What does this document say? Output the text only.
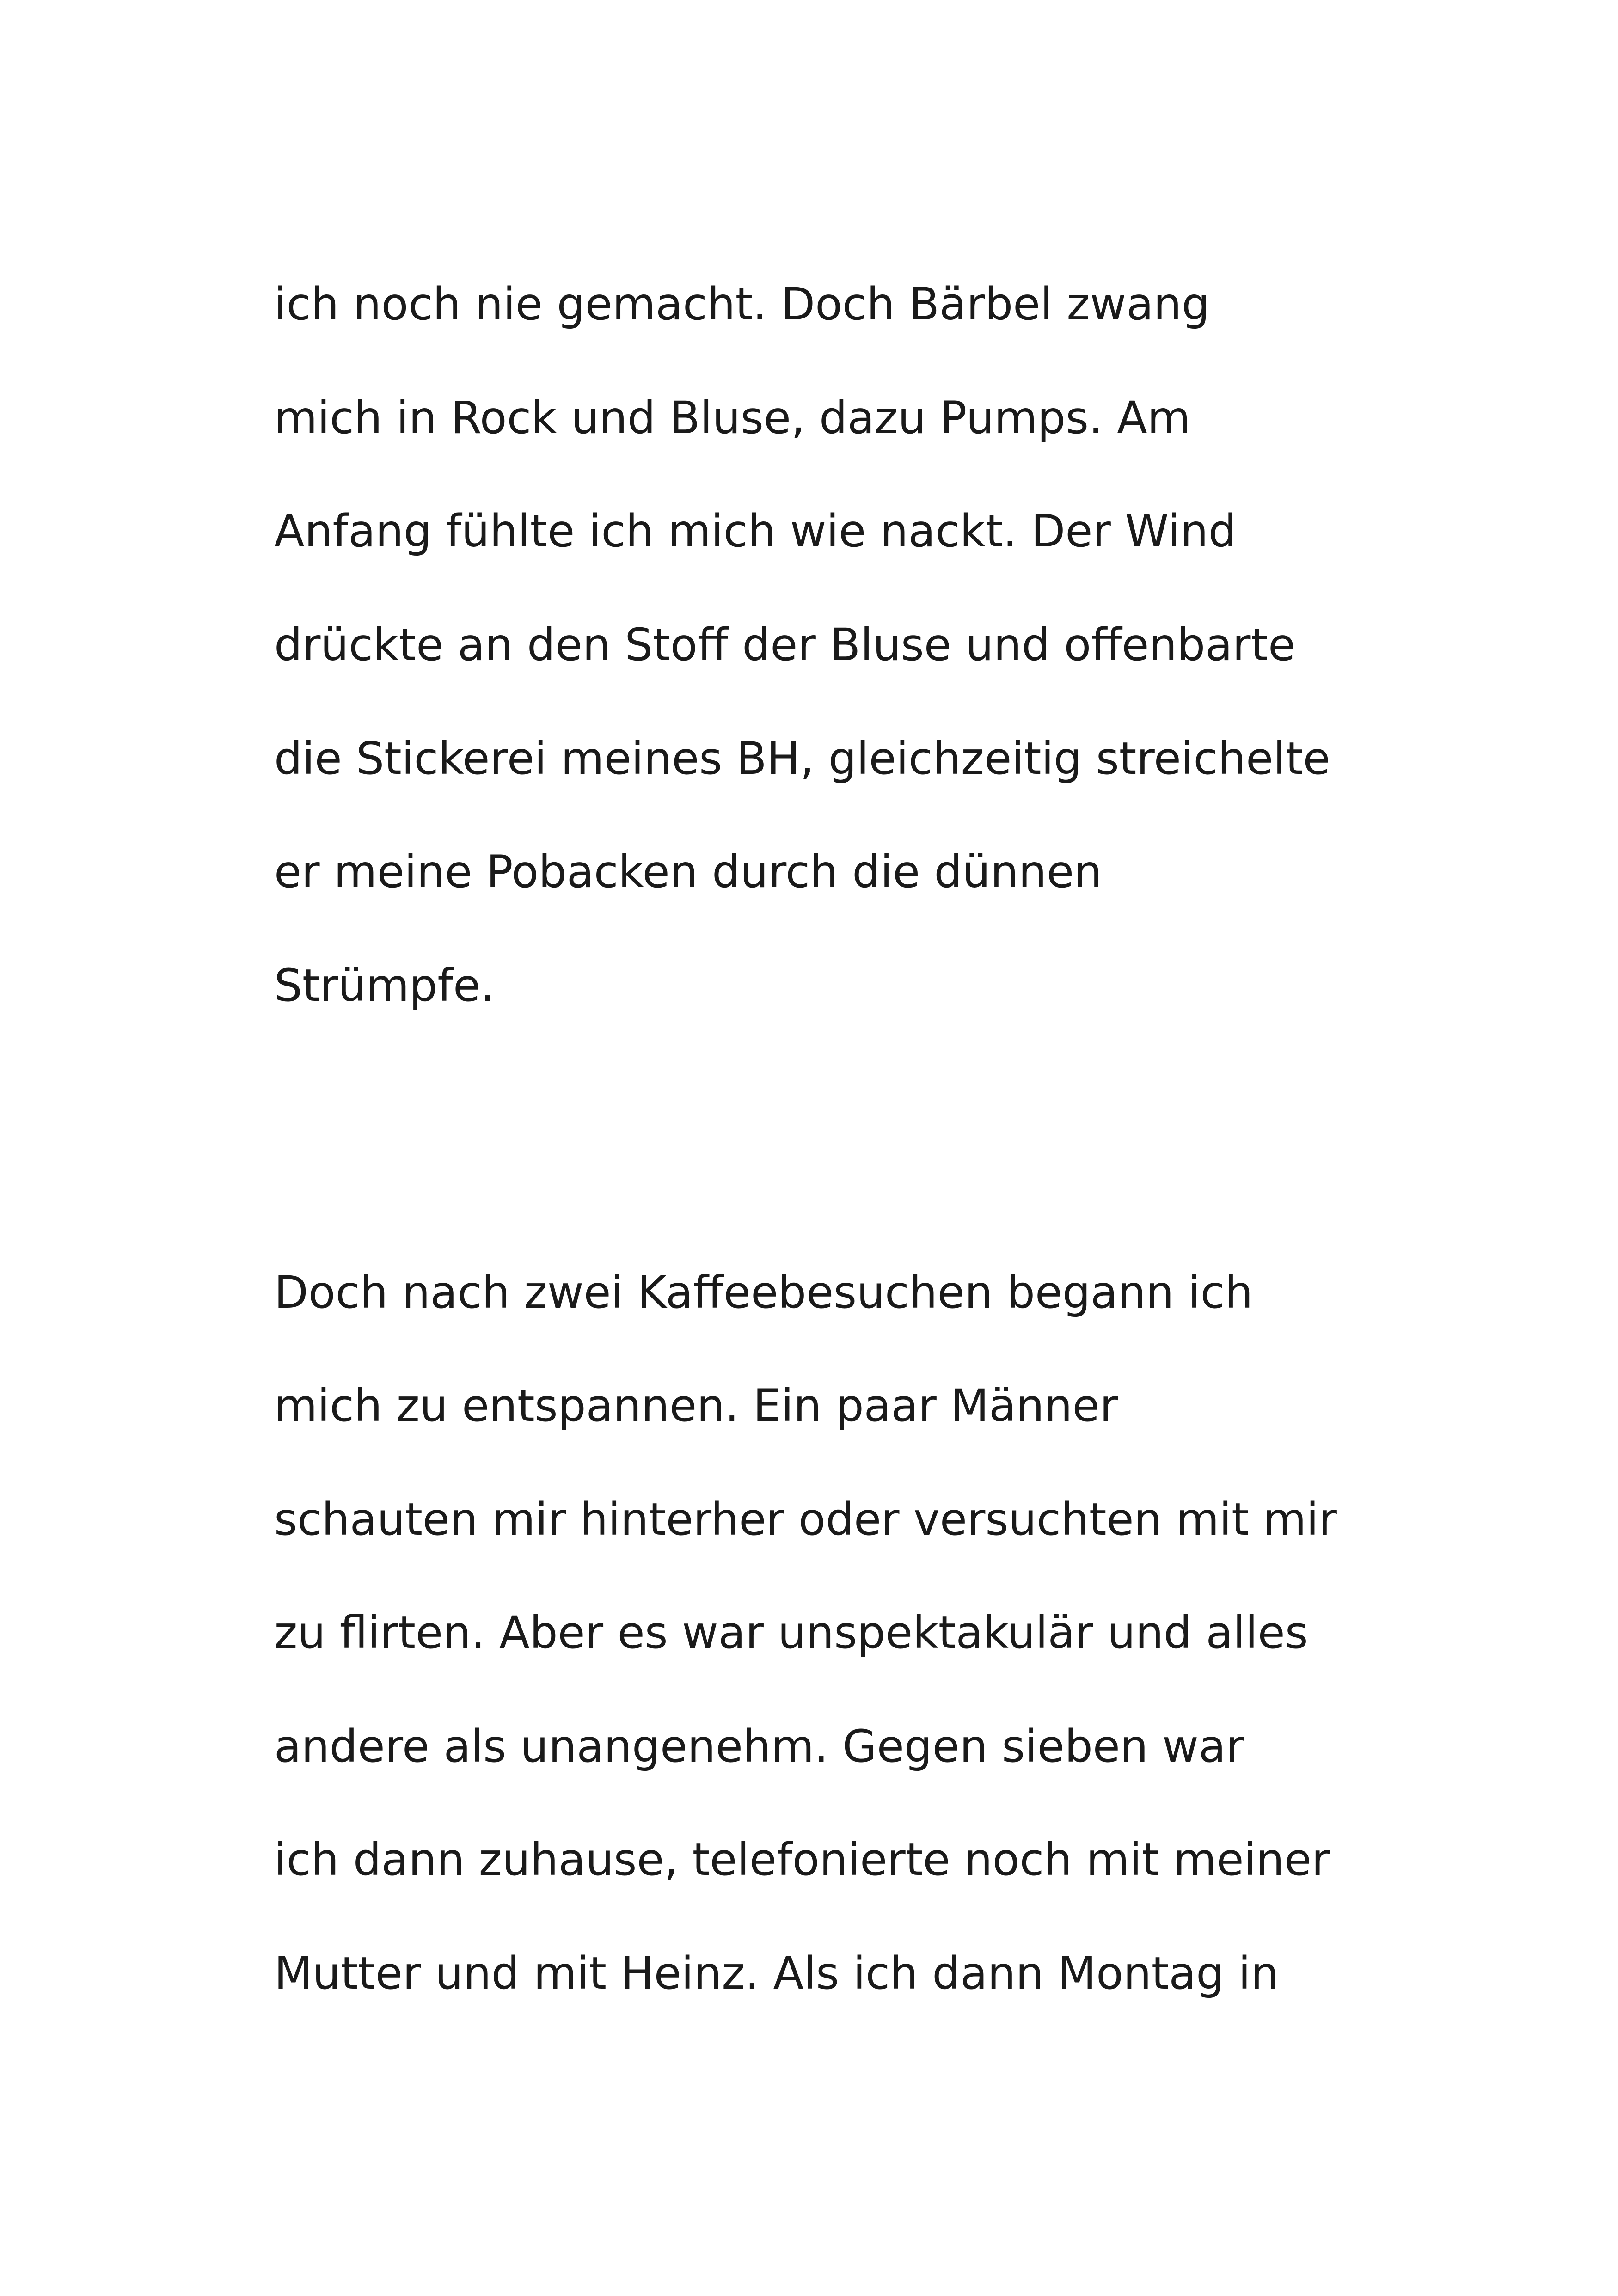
ich noch nie gemacht. Doch Bärbel zwang
mich in Rock und Bluse, dazu Pumps. Am
Anfang fühlte ich mich wie nackt. Der Wind
drückte an den Stoff der Bluse und offenbarte
die Stickerei meines BH, gleichzeitig streichelte
er meine Pobacken durch die dünnen
Strümpfe.
Doch nach zwei Kaffeebesuchen begann ich
mich zu entspannen. Ein paar Männer
schauten mir hinterher oder versuchten mit mir
zu flirten. Aber es war unspektakulär und alles
andere als unangenehm. Gegen sieben war
ich dann zuhause, telefonierte noch mit meiner
Mutter und mit Heinz. Als ich dann Montag in
